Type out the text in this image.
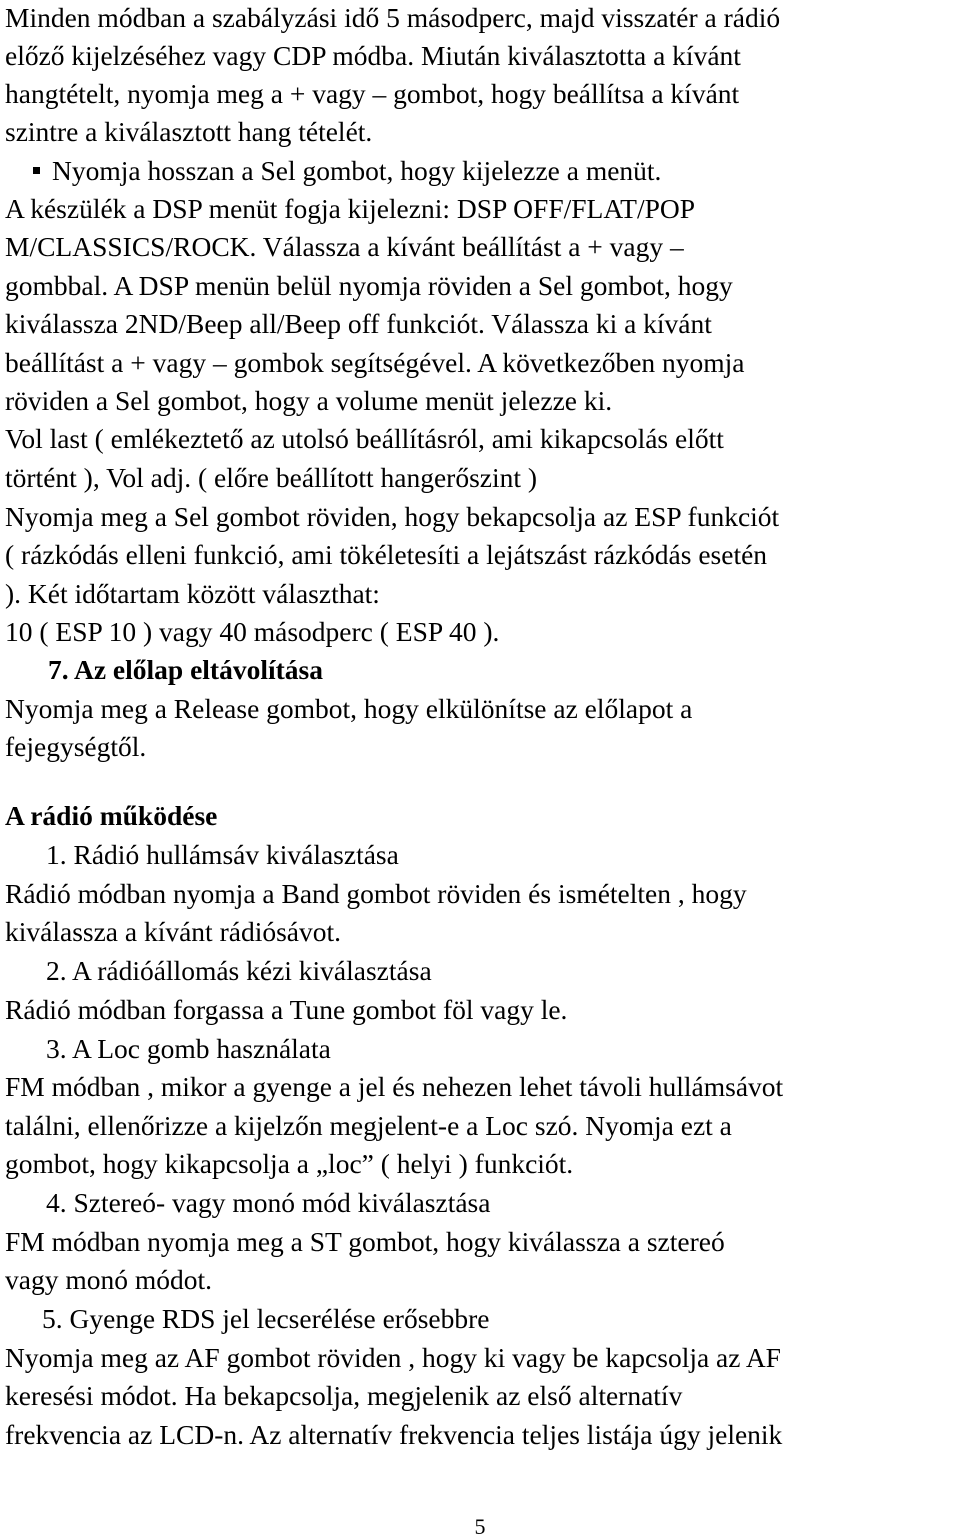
Minden módban a szabályzási idő 5 másodperc, majd visszatér a rádió
előző kijelzéséhez vagy CDP módba. Miután kiválasztotta a kívánt
hangtételt, nyomja meg a + vagy – gombot, hogy beállítsa a kívánt
szintre a kiválasztott hang tételét.
Nyomja hosszan a Sel gombot, hogy kijelezze a menüt.
A készülék a DSP menüt fogja kijelezni: DSP OFF/FLAT/POP
M/CLASSICS/ROCK. Válassza a kívánt beállítást a + vagy –
gombbal. A DSP menün belül nyomja röviden a Sel gombot, hogy
kiválassza 2ND/Beep all/Beep off funkciót. Válassza ki a kívánt
beállítást a + vagy – gombok segítségével. A következőben nyomja
röviden a Sel gombot, hogy a volume menüt jelezze ki.
Vol last ( emlékeztető az utolsó beállításról, ami kikapcsolás előtt
történt ), Vol adj. ( előre beállított hangerőszint )
Nyomja meg a Sel gombot röviden, hogy bekapcsolja az ESP funkciót
( rázkódás elleni funkció, ami tökéletesíti a lejátszást rázkódás esetén
). Két időtartam között választhat:
10 ( ESP 10 ) vagy 40 másodperc ( ESP 40 ).
7. Az előlap eltávolítása
Nyomja meg a Release gombot, hogy elkülönítse az előlapot a
fejegységtől.
A rádió működése
1. Rádió hullámsáv kiválasztása
Rádió módban nyomja a Band gombot röviden és ismételten , hogy
kiválassza a kívánt rádiósávot.
2. A rádióállomás kézi kiválasztása
Rádió módban forgassa a Tune gombot föl vagy le.
3. A Loc gomb használata
FM módban , mikor a gyenge a jel és nehezen lehet távoli hullámsávot
találni, ellenőrizze a kijelzőn megjelent-e a Loc szó. Nyomja ezt a
gombot, hogy kikapcsolja a „loc” ( helyi ) funkciót.
4. Sztereó- vagy monó mód kiválasztása
FM módban nyomja meg a ST gombot, hogy kiválassza a sztereó
vagy monó módot.
5. Gyenge RDS jel lecserélése erősebbre
Nyomja meg az AF gombot röviden , hogy ki vagy be kapcsolja az AF
keresési módot. Ha bekapcsolja, megjelenik az első alternatív
frekvencia az LCD-n. Az alternatív frekvencia teljes listája úgy jelenik
5
